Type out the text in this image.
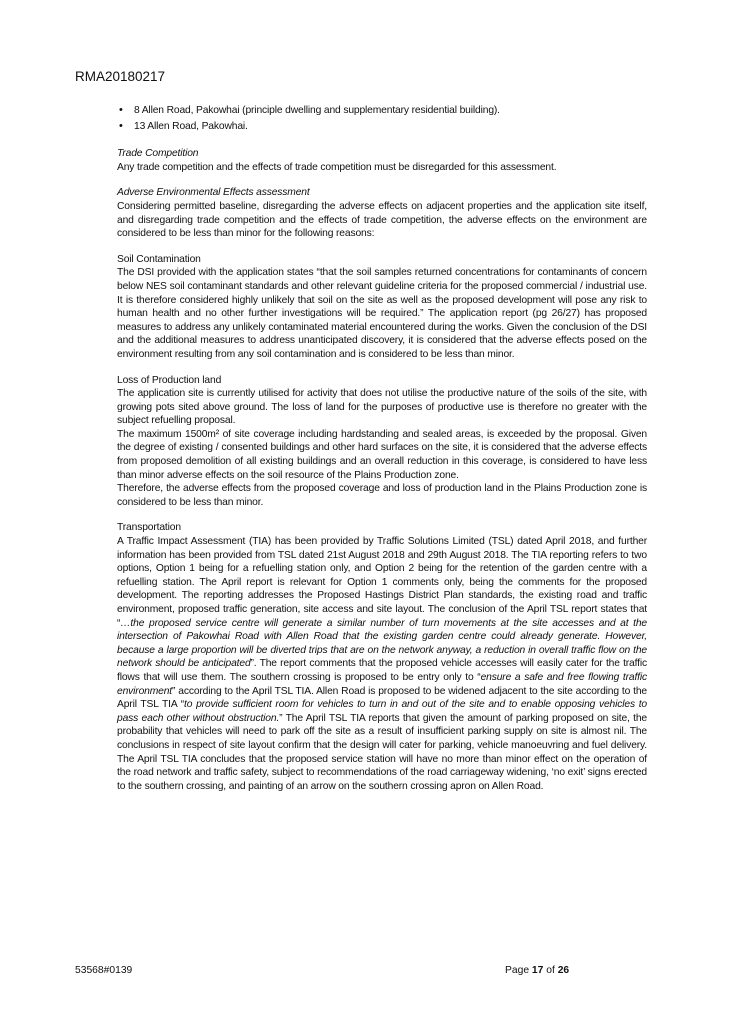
RMA20180217
• 8 Allen Road, Pakowhai (principle dwelling and supplementary residential building).
• 13 Allen Road, Pakowhai.
Trade Competition

Any trade competition and the effects of trade competition must be disregarded for this assessment.

Adverse Environmental Effects assessment

Considering permitted baseline, disregarding the adverse effects on adjacent properties and the application site itself, and disregarding trade competition and the effects of trade competition, the adverse effects on the environment are considered to be less than minor for the following reasons:

Soil Contamination

The DSI provided with the application states “that the soil samples returned concentrations for contaminants of concern below NES soil contaminant standards and other relevant guideline criteria for the proposed commercial / industrial use. It is therefore considered highly unlikely that soil on the site as well as the proposed development will pose any risk to human health and no other further investigations will be required.” The application report (pg 26/27) has proposed measures to address any unlikely contaminated material encountered during the works. Given the conclusion of the DSI and the additional measures to address unanticipated discovery, it is considered that the adverse effects posed on the environment resulting from any soil contamination and is considered to be less than minor.

Loss of Production land

The application site is currently utilised for activity that does not utilise the productive nature of the soils of the site, with growing pots sited above ground. The loss of land for the purposes of productive use is therefore no greater with the subject refuelling proposal.

The maximum 1500m² of site coverage including hardstanding and sealed areas, is exceeded by the proposal. Given the degree of existing / consented buildings and other hard surfaces on the site, it is considered that the adverse effects from proposed demolition of all existing buildings and an overall reduction in this coverage, is considered to have less than minor adverse effects on the soil resource of the Plains Production zone.

Therefore, the adverse effects from the proposed coverage and loss of production land in the Plains Production zone is considered to be less than minor.

Transportation

A Traffic Impact Assessment (TIA) has been provided by Traffic Solutions Limited (TSL) dated April 2018, and further information has been provided from TSL dated 21st August 2018 and 29th August 2018. The TIA reporting refers to two options, Option 1 being for a refuelling station only, and Option 2 being for the retention of the garden centre with a refuelling station. The April report is relevant for Option 1 comments only, being the comments for the proposed development. The reporting addresses the Proposed Hastings District Plan standards, the existing road and traffic environment, proposed traffic generation, site access and site layout. The conclusion of the April TSL report states that “…the proposed service centre will generate a similar number of turn movements at the site accesses and at the intersection of Pakowhai Road with Allen Road that the existing garden centre could already generate. However, because a large proportion will be diverted trips that are on the network anyway, a reduction in overall traffic flow on the network should be anticipated”. The report comments that the proposed vehicle accesses will easily cater for the traffic flows that will use them. The southern crossing is proposed to be entry only to “ensure a safe and free flowing traffic environment” according to the April TSL TIA. Allen Road is proposed to be widened adjacent to the site according to the April TSL TIA “to provide sufficient room for vehicles to turn in and out of the site and to enable opposing vehicles to pass each other without obstruction.” The April TSL TIA reports that given the amount of parking proposed on site, the probability that vehicles will need to park off the site as a result of insufficient parking supply on site is almost nil. The conclusions in respect of site layout confirm that the design will cater for parking, vehicle manoeuvring and fuel delivery. The April TSL TIA concludes that the proposed service station will have no more than minor effect on the operation of the road network and traffic safety, subject to recommendations of the road carriageway widening, ‘no exit’ signs erected to the southern crossing, and painting of an arrow on the southern crossing apron on Allen Road.

53568#0139	Page 17 of 26
